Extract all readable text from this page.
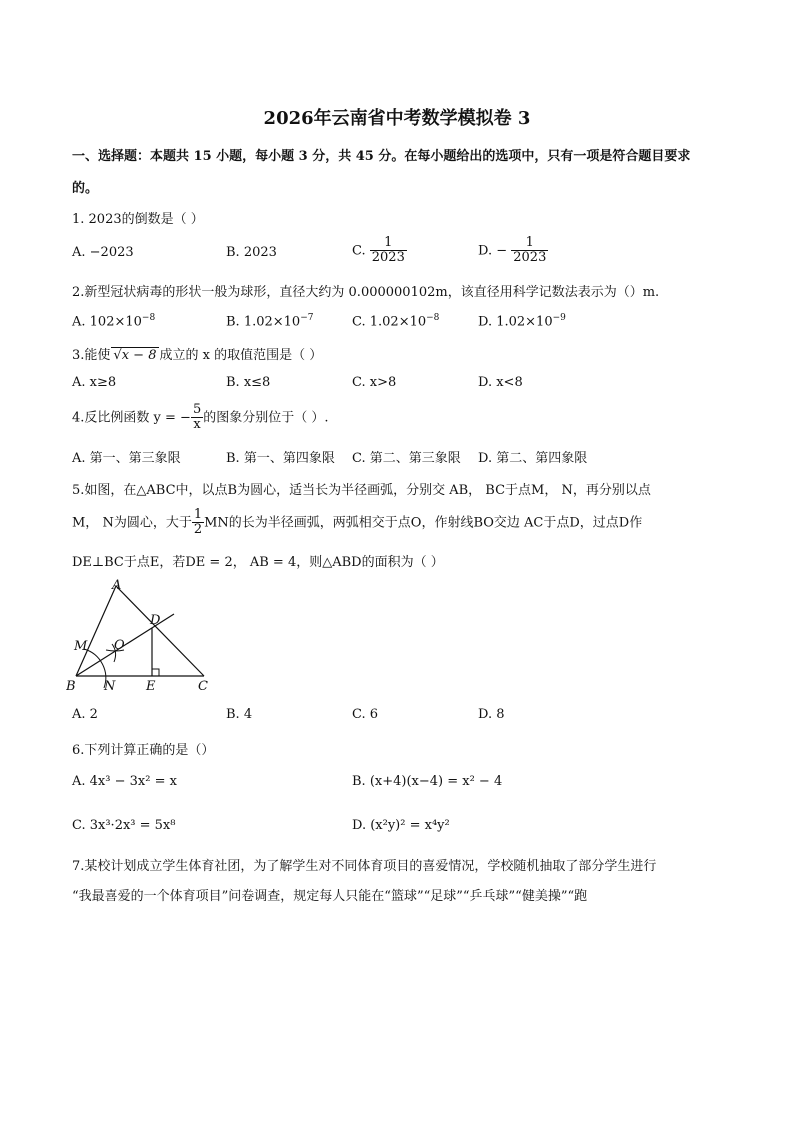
2026年云南省中考数学模拟卷 3
一、选择题：本题共 15 小题，每小题 3 分，共 45 分。在每小题给出的选项中，只有一项是符合题目要求
的。
1. 2023的倒数是（ ）
A. −2023	B. 2023	C. $\frac{1}{2023}$	D. − $\frac{1}{2023}$
2.新型冠状病毒的形状一般为球形，直径大约为 0.000000102m，该直径用科学记数法表示为（）m.
A. $102\times 10^{-8}$	B. $1.02\times 10^{-7}$	C. $1.02\times 10^{-8}$	D. $1.02\times 10^{-9}$
3.能使 √x − 8 成立的 x 的取值范围是（ ）
A. x≥8	B. x≤8	C. x>8	D. x<8
4.反比例函数 y = − $\frac{5}{x}$ 的图象分别位于（ ）.
A. 第一、第三象限	B. 第一、第四象限 C. 第二、第三象限 D. 第二、第四象限
5.如图，在△ABC中，以点B为圆心，适当长为半径画弧，分别交 AB， BC于点M， N，再分别以点
M， N为圆心，大于 $\frac{1}{2}$ MN的长为半径画弧，两弧相交于点O，作射线BO交边 AC于点D，过点D作
DE⊥BC于点E，若DE = 2， AB = 4，则△ABD的面积为（ ）
A
B	C
D
E
M
N
O
A. 2	B. 4	C. 6	D. 8
6.下列计算正确的是（）
A. 4x³ − 3x² = x	B. (x+4)(x−4) = x² − 4
C. 3x³·2x³ = 5x⁸	D. (x²y)² = x⁴y²
7.某校计划成立学生体育社团，为了解学生对不同体育项目的喜爱情况，学校随机抽取了部分学生进行
“我最喜爱的一个体育项目”问卷调查，规定每人只能在“篮球”“足球”“乒乓球”“健美操”“跑
